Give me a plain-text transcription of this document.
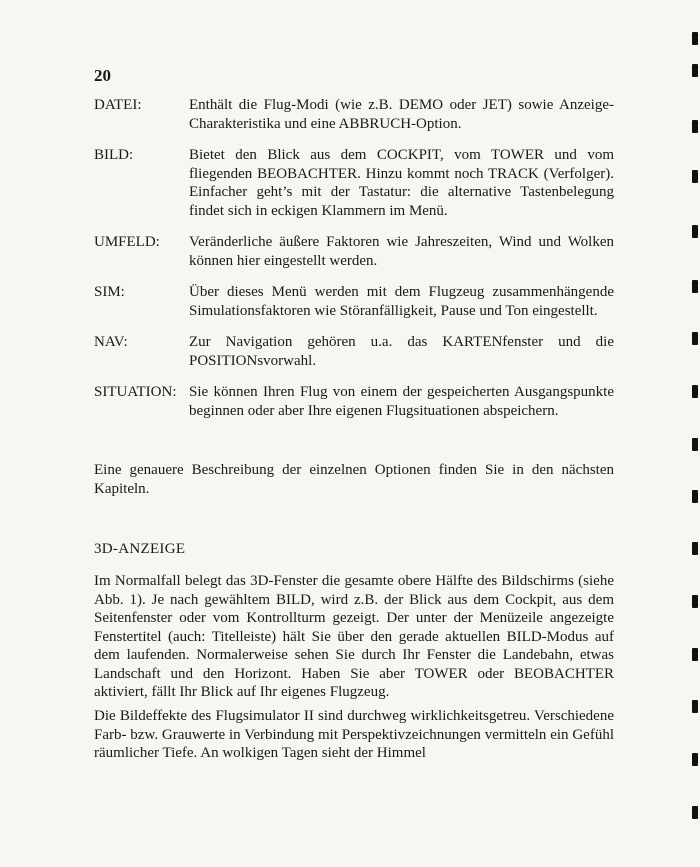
20
DATEI:	Enthält die Flug-Modi (wie z.B. DEMO oder JET) sowie Anzeige-Charakteristika und eine ABBRUCH-Option.
BILD:	Bietet den Blick aus dem COCKPIT, vom TOWER und vom fliegenden BEOBACHTER. Hinzu kommt noch TRACK (Verfolger). Einfacher geht’s mit der Tastatur: die alternative Tastenbelegung findet sich in eckigen Klammern im Menü.
UMFELD:	Veränderliche äußere Faktoren wie Jahreszeiten, Wind und Wolken können hier eingestellt werden.
SIM:	Über dieses Menü werden mit dem Flugzeug zusammenhängende Simulationsfaktoren wie Störanfälligkeit, Pause und Ton eingestellt.
NAV:	Zur Navigation gehören u.a. das KARTENfenster und die POSITIONsvorwahl.
SITUATION: Sie können Ihren Flug von einem der gespeicherten Ausgangspunkte beginnen oder aber Ihre eigenen Flugsituationen abspeichern.

Eine genauere Beschreibung der einzelnen Optionen finden Sie in den nächsten Kapiteln.

3D-ANZEIGE

Im Normalfall belegt das 3D-Fenster die gesamte obere Hälfte des Bildschirms (siehe Abb. 1). Je nach gewähltem BILD, wird z.B. der Blick aus dem Cockpit, aus dem Seitenfenster oder vom Kontrollturm gezeigt. Der unter der Menüzeile angezeigte Fenstertitel (auch: Titelleiste) hält Sie über den gerade aktuellen BILD-Modus auf dem laufenden. Normalerweise sehen Sie durch Ihr Fenster die Landebahn, etwas Landschaft und den Horizont. Haben Sie aber TOWER oder BEOBACHTER aktiviert, fällt Ihr Blick auf Ihr eigenes Flugzeug.

Die Bildeffekte des Flugsimulator II sind durchweg wirklichkeitsgetreu. Verschiedene Farb- bzw. Grauwerte in Verbindung mit Perspektivzeichnungen vermitteln ein Gefühl räumlicher Tiefe. An wolkigen Tagen sieht der Himmel
